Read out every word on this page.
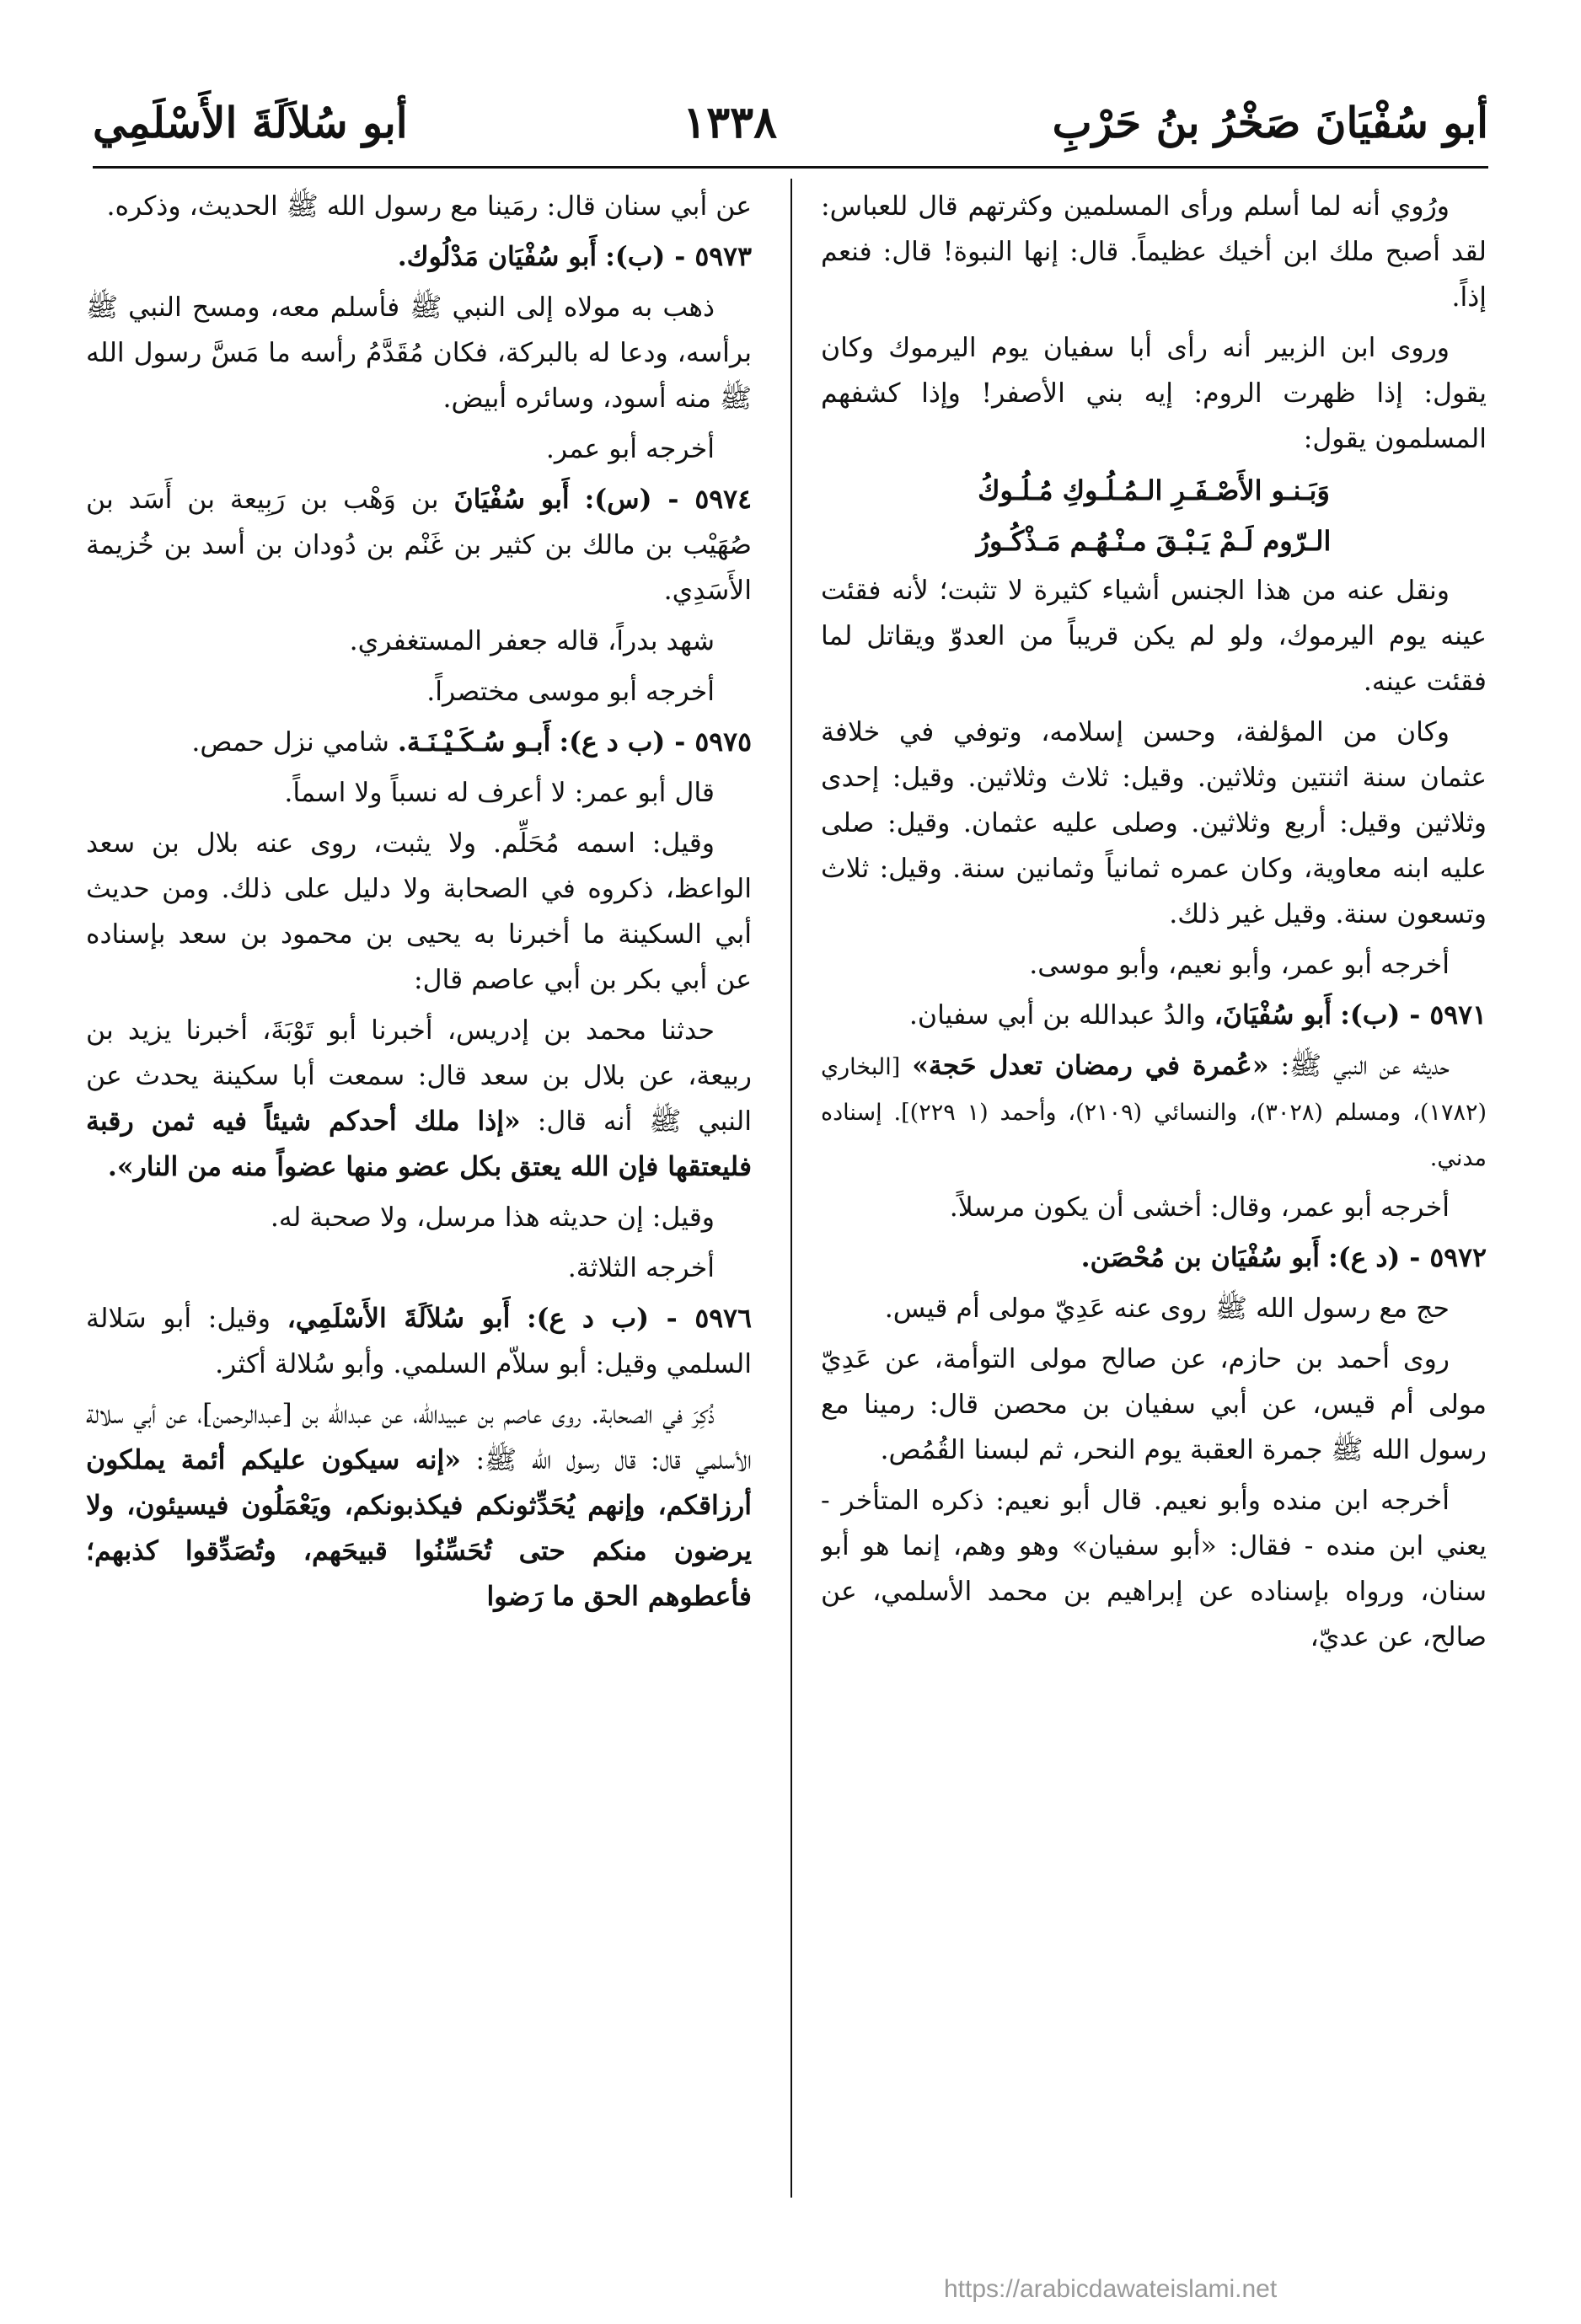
أبو سُفْيَانَ صَخْرُ بنُ حَرْبِ
١٣٣٨
أبو سُلاَلَةَ الأَسْلَمِي

ورُوي أنه لما أسلم ورأى المسلمين وكثرتهم قال للعباس: لقد أصبح ملك ابن أخيك عظيماً. قال: إنها النبوة! قال: فنعم إذاً.

وروى ابن الزبير أنه رأى أبا سفيان يوم اليرموك وكان يقول: إذا ظهرت الروم: إيه بني الأصفر! وإذا كشفهم المسلمون يقول:

وَبَـنـو الأَصْـفَـرِ الـمُـلُـوكِ مُـلُـوكُ

الـرّوم لَـمْ يَـبْـقَ مـنْـهُـم مَـذْكُـورُ

ونقل عنه من هذا الجنس أشياء كثيرة لا تثبت؛ لأنه فقئت عينه يوم اليرموك، ولو لم يكن قريباً من العدوّ ويقاتل لما فقئت عينه.

وكان من المؤلفة، وحسن إسلامه، وتوفي في خلافة عثمان سنة اثنتين وثلاثين. وقيل: ثلاث وثلاثين. وقيل: إحدى وثلاثين وقيل: أربع وثلاثين. وصلى عليه عثمان. وقيل: صلى عليه ابنه معاوية، وكان عمره ثمانياً وثمانين سنة. وقيل: ثلاث وتسعون سنة. وقيل غير ذلك.

أخرجه أبو عمر، وأبو نعيم، وأبو موسى.

٥٩٧١ - (ب): أَبو سُفْيَانَ، والدُ عبدالله بن أبي سفيان.

حديثه عن النبي ﷺ: «عُمرة في رمضان تعدل حَجة» [البخاري (١٧٨٢)، ومسلم (٣٠٢٨)، والنسائي (٢١٠٩)، وأحمد (١ ٢٢٩)]. إسناده مدني.

أخرجه أبو عمر، وقال: أخشى أن يكون مرسلاً.

٥٩٧٢ - (د ع): أَبو سُفْيَان بن مُحْصَن.

حج مع رسول الله ﷺ روى عنه عَدِيّ مولى أم قيس.

روى أحمد بن حازم، عن صالح مولى التوأمة، عن عَدِيّ مولى أم قيس، عن أبي سفيان بن محصن قال: رمينا مع رسول الله ﷺ جمرة العقبة يوم النحر، ثم لبسنا القُمُص.

أخرجه ابن منده وأبو نعيم. قال أبو نعيم: ذكره المتأخر - يعني ابن منده - فقال: «أبو سفيان» وهو وهم، إنما هو أبو سنان، ورواه بإسناده عن إبراهيم بن محمد الأسلمي، عن صالح، عن عديّ،

عن أبي سنان قال: رمَينا مع رسول الله ﷺ الحديث، وذكره.

٥٩٧٣ - (ب): أَبو سُفْيَان مَدْلُوك.

ذهب به مولاه إلى النبي ﷺ فأسلم معه، ومسح النبي ﷺ برأسه، ودعا له بالبركة، فكان مُقَدَّمُ رأسه ما مَسَّ رسول الله ﷺ منه أسود، وسائره أبيض.

أخرجه أبو عمر.

٥٩٧٤ - (س): أَبو سُفْيَانَ بن وَهْب بن رَبِيعة بن أَسَد بن صُهَيْب بن مالك بن كثير بن غَنْم بن دُودان بن أسد بن خُزيمة الأَسَدِي.

شهد بدراً، قاله جعفر المستغفري.

أخرجه أبو موسى مختصراً.

٥٩٧٥ - (ب د ع): أَبـو سُـكَـيْـنَـة. شامي نزل حمص.

قال أبو عمر: لا أعرف له نسباً ولا اسماً.

وقيل: اسمه مُحَلِّم. ولا يثبت، روى عنه بلال بن سعد الواعظ، ذكروه في الصحابة ولا دليل على ذلك. ومن حديث أبي السكينة ما أخبرنا به يحيى بن محمود بن سعد بإسناده عن أبي بكر بن أبي عاصم قال:

حدثنا محمد بن إدريس، أخبرنا أبو تَوْبَةَ، أخبرنا يزيد بن ربيعة، عن بلال بن سعد قال: سمعت أبا سكينة يحدث عن النبي ﷺ أنه قال: «إذا ملك أحدكم شيئاً فيه ثمن رقبة فليعتقها فإن الله يعتق بكل عضو منها عضواً منه من النار».

وقيل: إن حديثه هذا مرسل، ولا صحبة له.

أخرجه الثلاثة.

٥٩٧٦ - (ب د ع): أَبو سُلاَلَةَ الأَسْلَمِي، وقيل: أبو سَلالة السلمي وقيل: أبو سلاّم السلمي. وأبو سُلالة أكثر.

ذُكِرَ في الصحابة. روى عاصم بن عبيدالله، عن عبدالله بن [عبدالرحمن]، عن أبي سلالة الأسلمي قال: قال رسول الله ﷺ: «إنه سيكون عليكم أئمة يملكون أرزاقكم، وإنهم يُحَدِّثونكم فيكذبونكم، ويَعْمَلُون فيسيئون، ولا يرضون منكم حتى تُحَسِّنُوا قبيحَهم، وتُصَدِّقوا كذبهم؛ فأعطوهم الحق ما رَضوا

https://arabicdawateislami.net
